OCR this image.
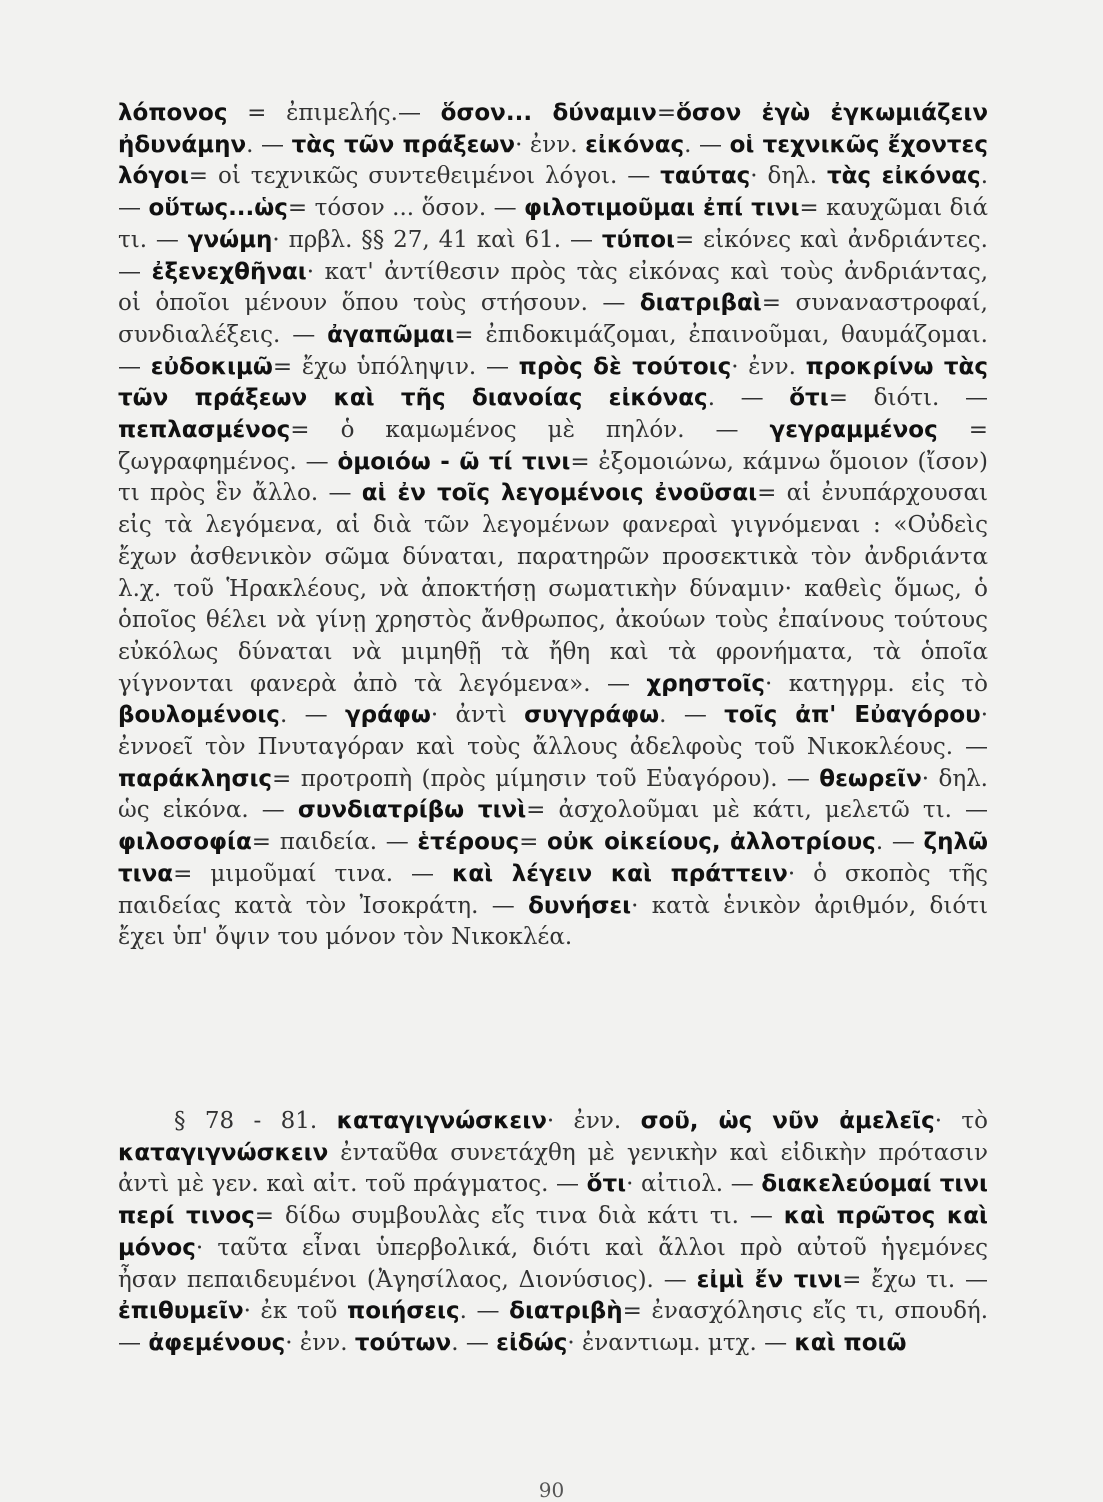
λόπονος = ἐπιμελής.— ὅσον... δύναμιν=ὅσον ἐγὼ ἐγκωμιάζειν ἠδυνάμην. — τὰς τῶν πράξεων· ἐνν. εἰκόνας. — οἱ τεχνικῶς ἔχοντες λόγοι= οἱ τεχνικῶς συντεθειμένοι λόγοι. — ταύτας· δηλ. τὰς εἰκόνας. — οὕτως...ὡς= τόσον ... ὅσον. — φιλοτιμοῦμαι ἐπί τινι= καυχῶμαι διά τι. — γνώμη· πρβλ. §§ 27, 41 καὶ 61. — τύποι= εἰκόνες καὶ ἀνδριάντες. — ἐξενεχθῆναι· κατ' ἀντίθεσιν πρὸς τὰς εἰκόνας καὶ τοὺς ἀνδριάντας, οἱ ὁποῖοι μένουν ὅπου τοὺς στήσουν. — διατριβαὶ= συναναστροφαί, συνδιαλέξεις. — ἀγαπῶμαι= ἐπιδοκιμάζομαι, ἐπαινοῦμαι, θαυμάζομαι. — εὐδοκιμῶ= ἔχω ὑπόληψιν. — πρὸς δὲ τούτοις· ἐνν. προκρίνω τὰς τῶν πράξεων καὶ τῆς διανοίας εἰκόνας. — ὅτι= διότι. — πεπλασμένος= ὁ καμωμένος μὲ πηλόν. — γεγραμμένος = ζωγραφημένος. — ὁμοιόω - ῶ τί τινι= ἐξομοιώνω, κάμνω ὅμοιον (ἴσον) τι πρὸς ἓν ἄλλο. — αἱ ἐν τοῖς λεγομένοις ἐνοῦσαι= αἱ ἐνυπάρχουσαι εἰς τὰ λεγόμενα, αἱ διὰ τῶν λεγομένων φανεραὶ γιγνόμεναι : «Οὐδεὶς ἔχων ἀσθενικὸν σῶμα δύναται, παρατηρῶν προσεκτικὰ τὸν ἀνδριάντα λ.χ. τοῦ Ἡρακλέους, νὰ ἀποκτήσῃ σωματικὴν δύναμιν· καθεὶς ὅμως, ὁ ὁποῖος θέλει νὰ γίνῃ χρηστὸς ἄνθρωπος, ἀκούων τοὺς ἐπαίνους τούτους εὐκόλως δύναται νὰ μιμηθῇ τὰ ἤθη καὶ τὰ φρονήματα, τὰ ὁποῖα γίγνονται φανερὰ ἀπὸ τὰ λεγόμενα». — χρηστοῖς· κατηγρμ. εἰς τὸ βουλομένοις. — γράφω· ἀντὶ συγγράφω. — τοῖς ἀπ' Εὐαγόρου· ἐννοεῖ τὸν Πνυταγόραν καὶ τοὺς ἄλλους ἀδελφοὺς τοῦ Νικοκλέους. — παράκλησις= προτροπὴ (πρὸς μίμησιν τοῦ Εὐαγόρου). — θεωρεῖν· δηλ. ὡς εἰκόνα. — συνδιατρίβω τινὶ= ἀσχολοῦμαι μὲ κάτι, μελετῶ τι. — φιλοσοφία= παιδεία. — ἑτέρους= οὐκ οἰκείους, ἀλλοτρίους. — ζηλῶ τινα= μιμοῦμαί τινα. — καὶ λέγειν καὶ πράττειν· ὁ σκοπὸς τῆς παιδείας κατὰ τὸν Ἰσοκράτη. — δυνήσει· κατὰ ἑνικὸν ἀριθμόν, διότι ἔχει ὑπ' ὄψιν του μόνον τὸν Νικοκλέα.

§ 78 - 81. καταγιγνώσκειν· ἐνν. σοῦ, ὡς νῦν ἀμελεῖς· τὸ καταγιγνώσκειν ἐνταῦθα συνετάχθη μὲ γενικὴν καὶ εἰδικὴν πρότασιν ἀντὶ μὲ γεν. καὶ αἰτ. τοῦ πράγματος. — ὅτι· αἰτιολ. — διακελεύομαί τινι περί τινος= δίδω συμβουλὰς εἴς τινα διὰ κάτι τι. — καὶ πρῶτος καὶ μόνος· ταῦτα εἶναι ὑπερβολικά, διότι καὶ ἄλλοι πρὸ αὐτοῦ ἡγεμόνες ἦσαν πεπαιδευμένοι (Ἀγησίλαος, Διονύσιος). — εἰμὶ ἔν τινι= ἔχω τι. — ἐπιθυμεῖν· ἐκ τοῦ ποιήσεις. — διατριβὴ= ἐνασχόλησις εἴς τι, σπουδή. — ἀφεμένους· ἐνν. τούτων. — εἰδώς· ἐναντιωμ. μτχ. — καὶ ποιῶ

90
